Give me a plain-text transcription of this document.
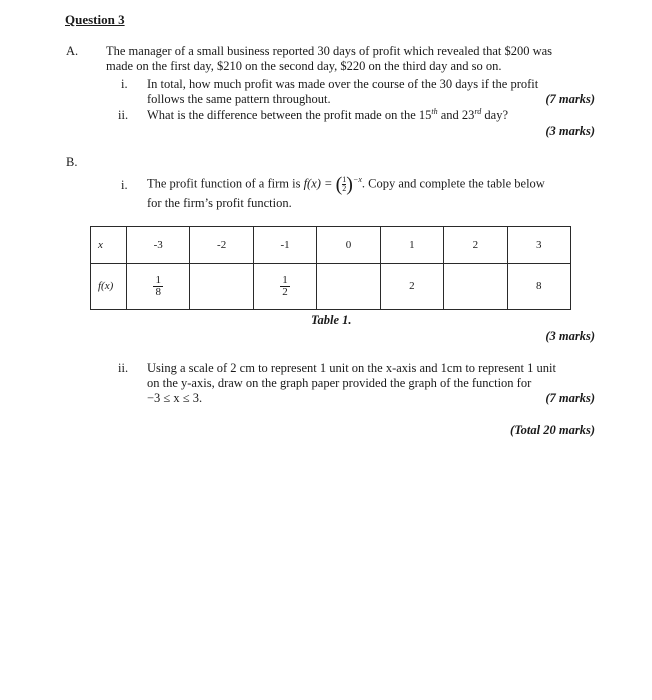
Question 3
A. The manager of a small business reported 30 days of profit which revealed that $200 was
made on the first day, $210 on the second day, $220 on the third day and so on.
i. In total, how much profit was made over the course of the 30 days if the profit
follows the same pattern throughout.	(7 marks)
ii. What is the difference between the profit made on the 15th and 23rd day?
(3 marks)
B.
i. The profit function of a firm is f(x) = ( $\frac{1}{2} )^{-x}$. Copy and complete the table below
for the firm’s profit function.
x	-3	-2	-1	0	1	2	3
f(x)	$\frac{1}{8}$		$\frac{1}{2}$		2		8
Table 1.
(3 marks)
ii. Using a scale of 2 cm to represent 1 unit on the x-axis and 1cm to represent 1 unit
on the y-axis, draw on the graph paper provided the graph of the function for
−3 ≤ x ≤ 3.	(7 marks)
(Total 20 marks)
